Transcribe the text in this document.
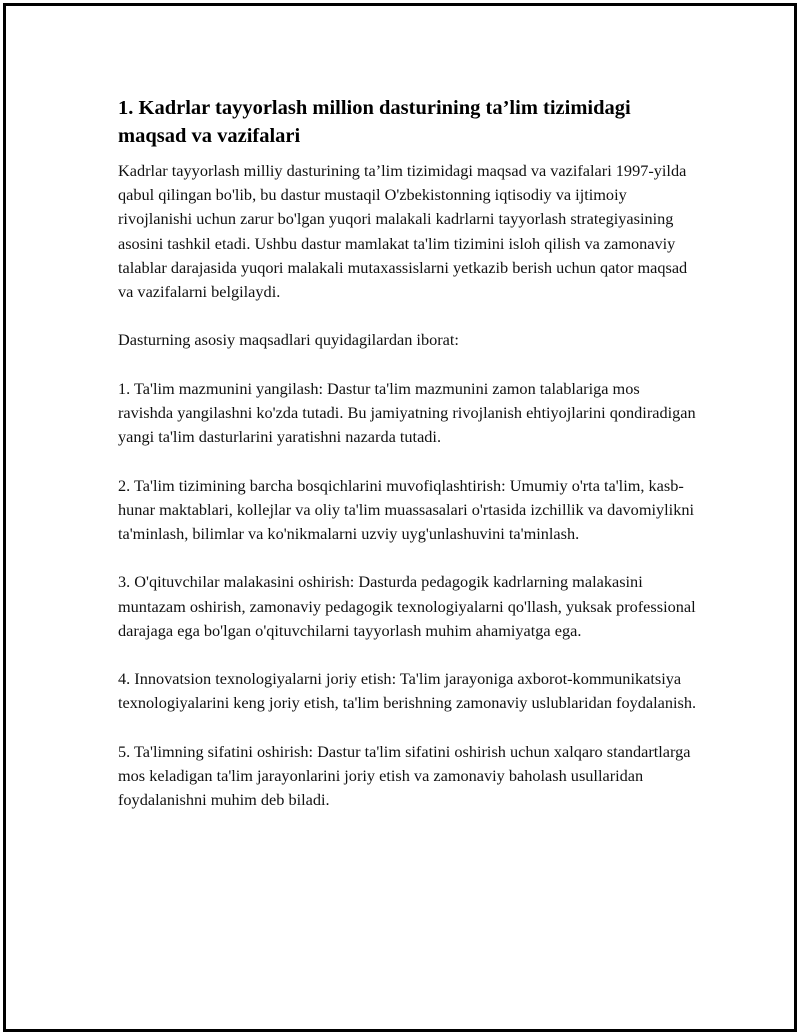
1. Kadrlar tayyorlash million dasturining ta’lim tizimidagi maqsad va vazifalari

Kadrlar tayyorlash milliy dasturining ta’lim tizimidagi maqsad va vazifalari 1997-yilda qabul qilingan bo'lib, bu dastur mustaqil O'zbekistonning iqtisodiy va ijtimoiy rivojlanishi uchun zarur bo'lgan yuqori malakali kadrlarni tayyorlash strategiyasining asosini tashkil etadi. Ushbu dastur mamlakat ta'lim tizimini isloh qilish va zamonaviy talablar darajasida yuqori malakali mutaxassislarni yetkazib berish uchun qator maqsad va vazifalarni belgilaydi.

Dasturning asosiy maqsadlari quyidagilardan iborat:

1. Ta'lim mazmunini yangilash: Dastur ta'lim mazmunini zamon talablariga mos ravishda yangilashni ko'zda tutadi. Bu jamiyatning rivojlanish ehtiyojlarini qondiradigan yangi ta'lim dasturlarini yaratishni nazarda tutadi.

2. Ta'lim tizimining barcha bosqichlarini muvofiqlashtirish: Umumiy o'rta ta'lim, kasb-hunar maktablari, kollejlar va oliy ta'lim muassasalari o'rtasida izchillik va davomiylikni ta'minlash, bilimlar va ko'nikmalarni uzviy uyg'unlashuvini ta'minlash.

3. O'qituvchilar malakasini oshirish: Dasturda pedagogik kadrlarning malakasini muntazam oshirish, zamonaviy pedagogik texnologiyalarni qo'llash, yuksak professional darajaga ega bo'lgan o'qituvchilarni tayyorlash muhim ahamiyatga ega.

4. Innovatsion texnologiyalarni joriy etish: Ta'lim jarayoniga axborot-kommunikatsiya texnologiyalarini keng joriy etish, ta'lim berishning zamonaviy uslublaridan foydalanish.

5. Ta'limning sifatini oshirish: Dastur ta'lim sifatini oshirish uchun xalqaro standartlarga mos keladigan ta'lim jarayonlarini joriy etish va zamonaviy baholash usullaridan foydalanishni muhim deb biladi.
